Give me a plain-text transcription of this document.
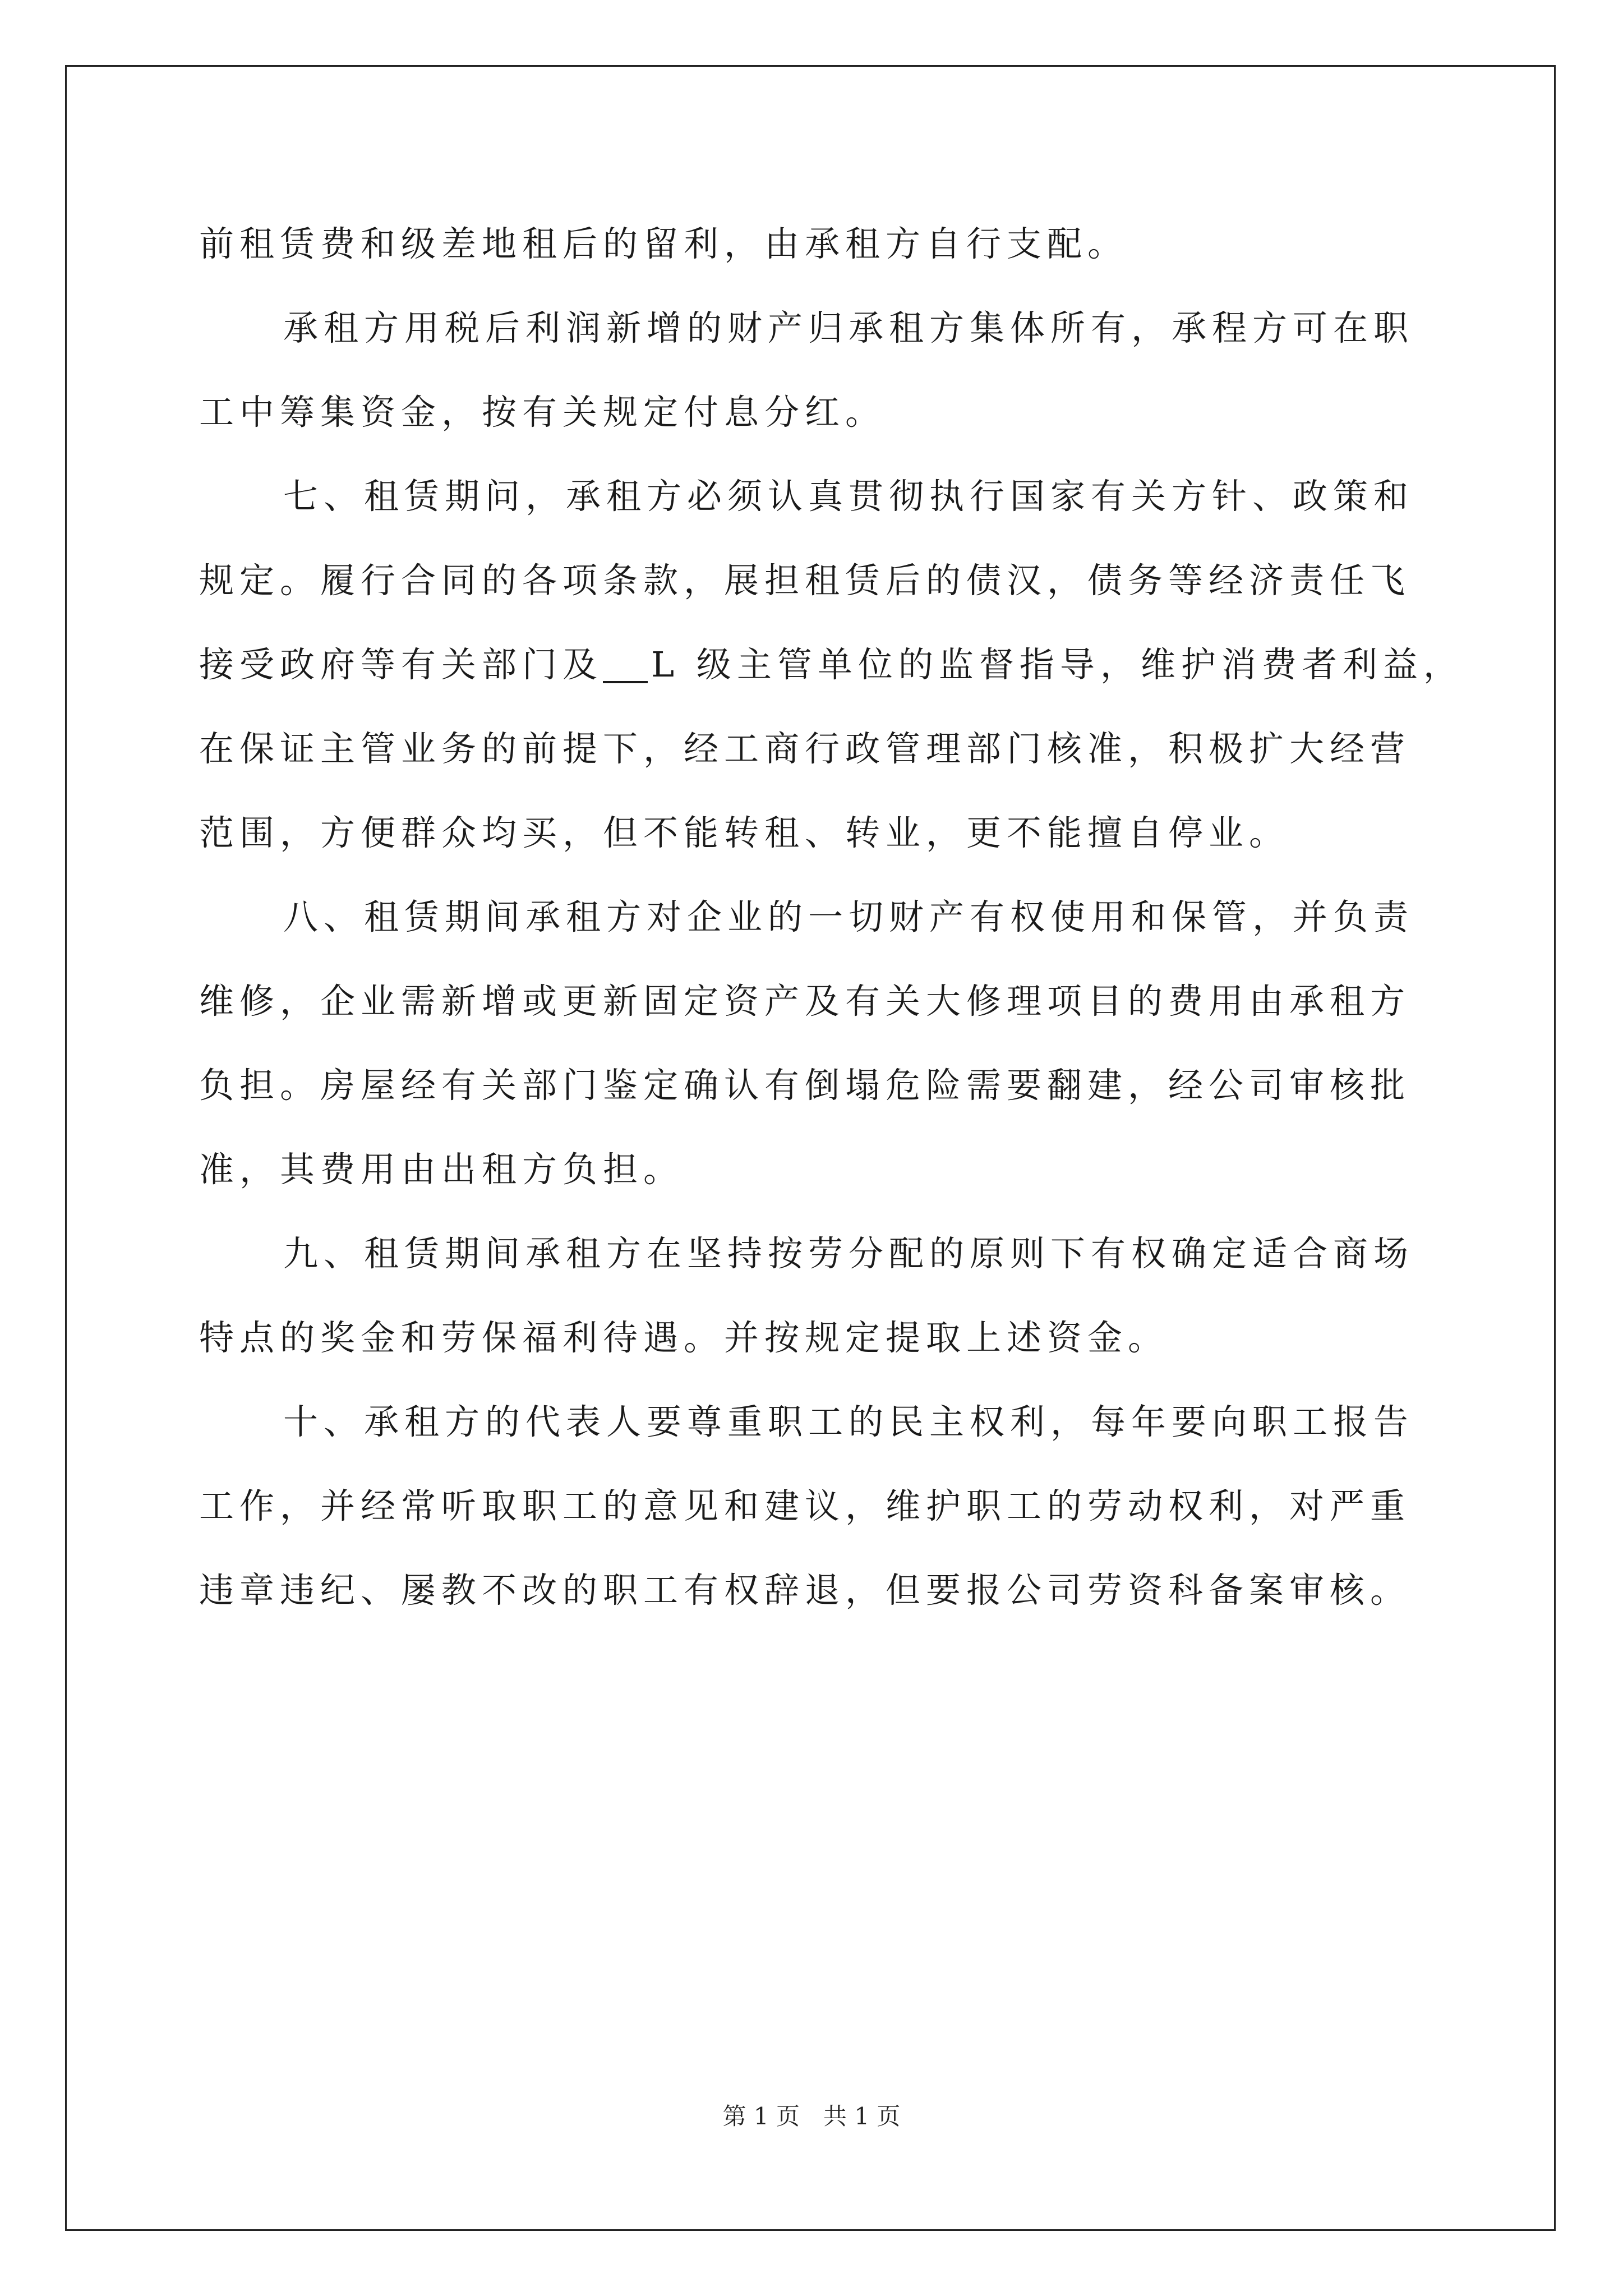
前租赁费和级差地租后的留利，由承租方自行支配。
承租方用税后利润新增的财产归承租方集体所有，承程方可在职
工中筹集资金，按有关规定付息分红。
七、租赁期问，承租方必须认真贯彻执行国家有关方针、政策和
规定。履行合同的各项条款，展担租赁后的债汉，债务等经济责任飞
接受政府等有关部门及 L 级主管单位的监督指导，维护消费者利益，
在保证主管业务的前提下，经工商行政管理部门核准，积极扩大经营
范围，方便群众均买，但不能转租、转业，更不能擅自停业。
八、租赁期间承租方对企业的一切财产有权使用和保管，并负责
维修，企业需新增或更新固定资产及有关大修理项目的费用由承租方
负担。房屋经有关部门鉴定确认有倒塌危险需要翻建，经公司审核批
准，其费用由出租方负担。
九、租赁期间承租方在坚持按劳分配的原则下有权确定适合商场
特点的奖金和劳保福利待遇。并按规定提取上述资金。
十、承租方的代表人要尊重职工的民主权利，每年要向职工报告
工作，并经常听取职工的意见和建议，维护职工的劳动权利，对严重
违章违纪、屡教不改的职工有权辞退，但要报公司劳资科备案审核。
第 1 页　共 1 页
